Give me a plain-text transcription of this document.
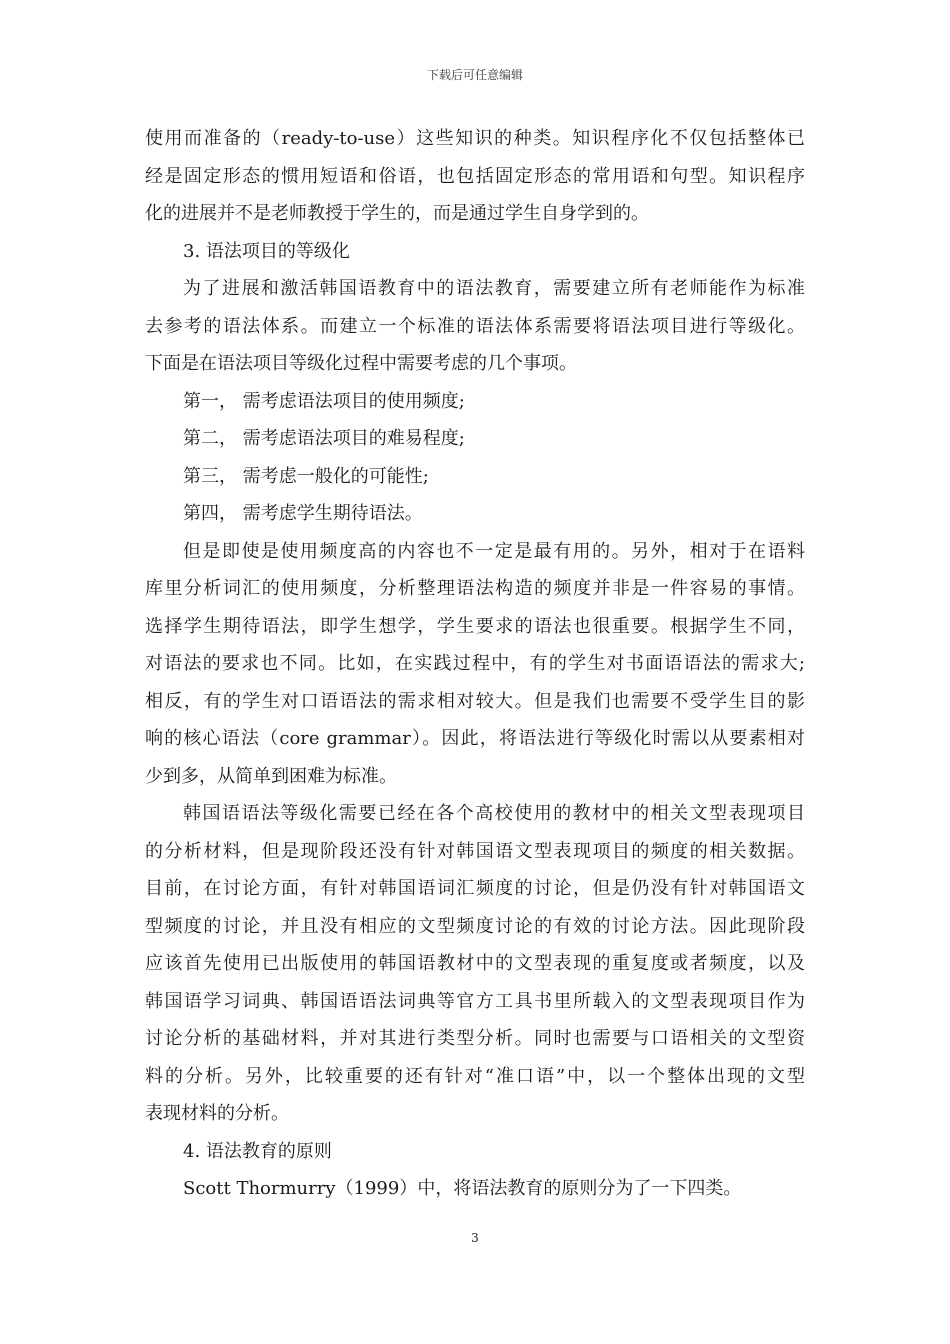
下载后可任意编辑
使用而准备的（ready-to-use）这些知识的种类。知识程序化不仅包括整体已
经是固定形态的惯用短语和俗语，也包括固定形态的常用语和句型。知识程序
化的进展并不是老师教授于学生的，而是通过学生自身学到的。
3. 语法项目的等级化
为了进展和激活韩国语教育中的语法教育，需要建立所有老师能作为标准
去参考的语法体系。而建立一个标准的语法体系需要将语法项目进行等级化。
下面是在语法项目等级化过程中需要考虑的几个事项。
第一， 需考虑语法项目的使用频度;
第二， 需考虑语法项目的难易程度;
第三， 需考虑一般化的可能性;
第四， 需考虑学生期待语法。
但是即使是使用频度高的内容也不一定是最有用的。另外，相对于在语料
库里分析词汇的使用频度，分析整理语法构造的频度并非是一件容易的事情。
选择学生期待语法，即学生想学，学生要求的语法也很重要。根据学生不同，
对语法的要求也不同。比如，在实践过程中，有的学生对书面语语法的需求大;
相反，有的学生对口语语法的需求相对较大。但是我们也需要不受学生目的影
响的核心语法（core grammar）。因此，将语法进行等级化时需以从要素相对
少到多，从简单到困难为标准。
韩国语语法等级化需要已经在各个高校使用的教材中的相关文型表现项目
的分析材料，但是现阶段还没有针对韩国语文型表现项目的频度的相关数据。
目前，在讨论方面，有针对韩国语词汇频度的讨论，但是仍没有针对韩国语文
型频度的讨论，并且没有相应的文型频度讨论的有效的讨论方法。因此现阶段
应该首先使用已出版使用的韩国语教材中的文型表现的重复度或者频度，以及
韩国语学习词典、韩国语语法词典等官方工具书里所载入的文型表现项目作为
讨论分析的基础材料，并对其进行类型分析。同时也需要与口语相关的文型资
料的分析。另外，比较重要的还有针对“准口语”中，以一个整体出现的文型
表现材料的分析。
4. 语法教育的原则
Scott Thormurry（1999）中，将语法教育的原则分为了一下四类。
3
